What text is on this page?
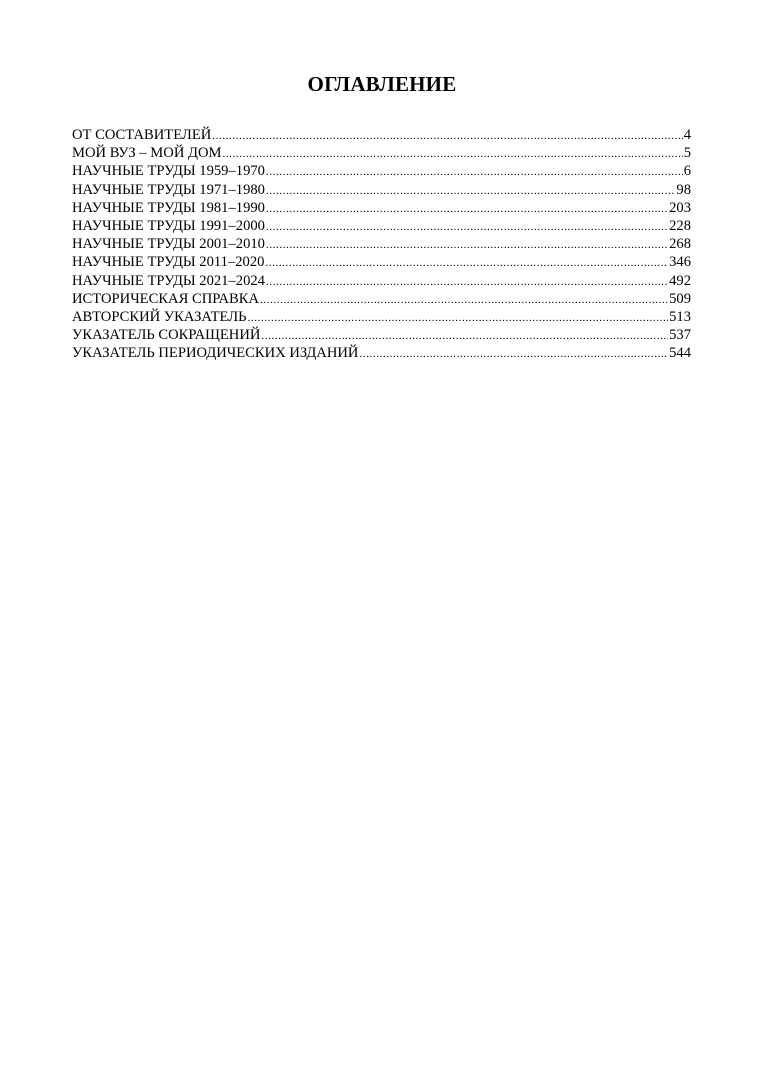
ОГЛАВЛЕНИЕ
ОТ СОСТАВИТЕЛЕЙ .....	4
МОЙ ВУЗ – МОЙ ДОМ .....	5
НАУЧНЫЕ ТРУДЫ 1959–1970 .....	6
НАУЧНЫЕ ТРУДЫ 1971–1980 .....	98
НАУЧНЫЕ ТРУДЫ 1981–1990 .....	203
НАУЧНЫЕ ТРУДЫ 1991–2000 .....	228
НАУЧНЫЕ ТРУДЫ 2001–2010 .....	268
НАУЧНЫЕ ТРУДЫ 2011–2020 .....	346
НАУЧНЫЕ ТРУДЫ 2021–2024 .....	492
ИСТОРИЧЕСКАЯ СПРАВКА .....	509
АВТОРСКИЙ УКАЗАТЕЛЬ .....	513
УКАЗАТЕЛЬ СОКРАЩЕНИЙ .....	537
УКАЗАТЕЛЬ ПЕРИОДИЧЕСКИХ ИЗДАНИЙ .....	544
